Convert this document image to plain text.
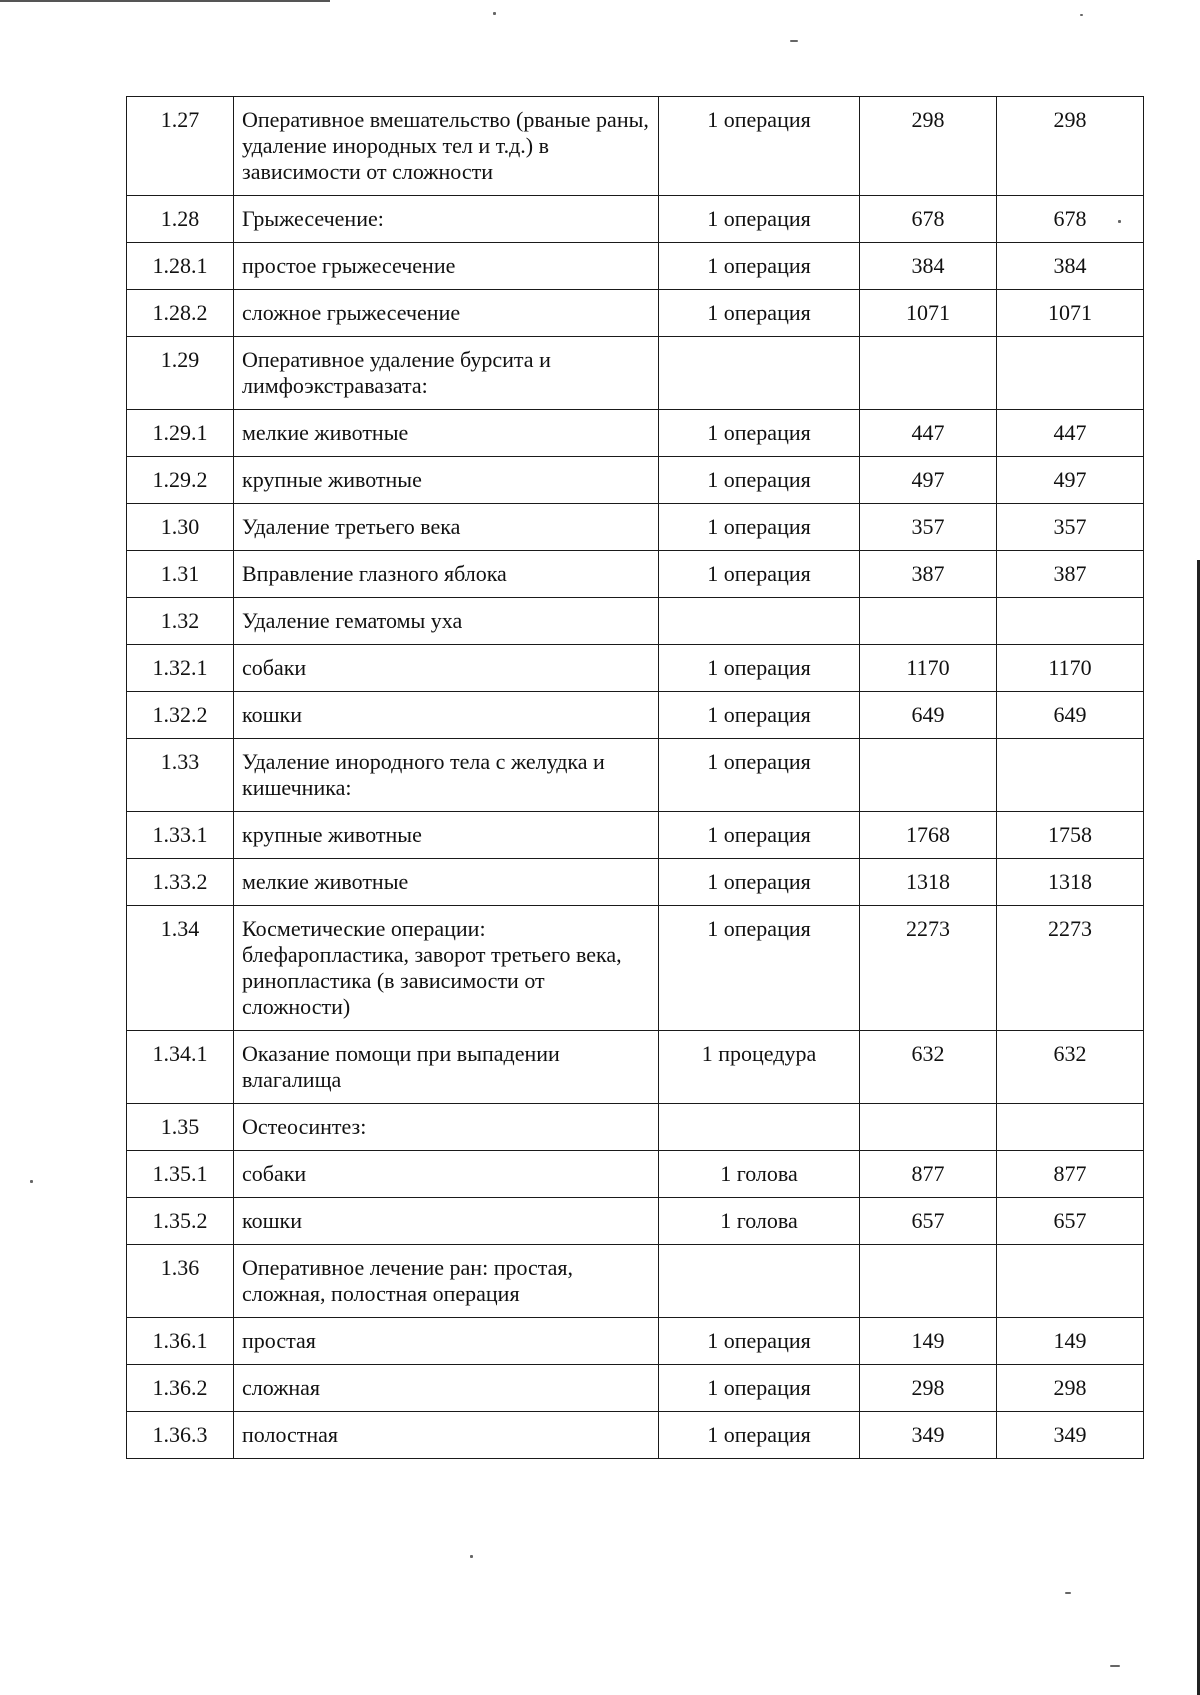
1.27	Оперативное вмешательство (рваные раны, удаление инородных тел и т.д.) в зависимости от сложности	1 операция	298	298
1.28	Грыжесечение:	1 операция	678	678
1.28.1	простое грыжесечение	1 операция	384	384
1.28.2	сложное грыжесечение	1 операция	1071	1071
1.29	Оперативное удаление бурсита и лимфоэкстравазата:			
1.29.1	мелкие животные	1 операция	447	447
1.29.2	крупные животные	1 операция	497	497
1.30	Удаление третьего века	1 операция	357	357
1.31	Вправление глазного яблока	1 операция	387	387
1.32	Удаление гематомы уха			
1.32.1	собаки	1 операция	1170	1170
1.32.2	кошки	1 операция	649	649
1.33	Удаление инородного тела с желудка и кишечника:	1 операция		
1.33.1	крупные животные	1 операция	1768	1758
1.33.2	мелкие животные	1 операция	1318	1318
1.34	Косметические операции: блефаропластика, заворот третьего века, ринопластика (в зависимости от сложности)	1 операция	2273	2273
1.34.1	Оказание помощи при выпадении влагалища	1 процедура	632	632
1.35	Остеосинтез:			
1.35.1	собаки	1 голова	877	877
1.35.2	кошки	1 голова	657	657
1.36	Оперативное лечение ран: простая, сложная, полостная операция			
1.36.1	простая	1 операция	149	149
1.36.2	сложная	1 операция	298	298
1.36.3	полостная	1 операция	349	349
